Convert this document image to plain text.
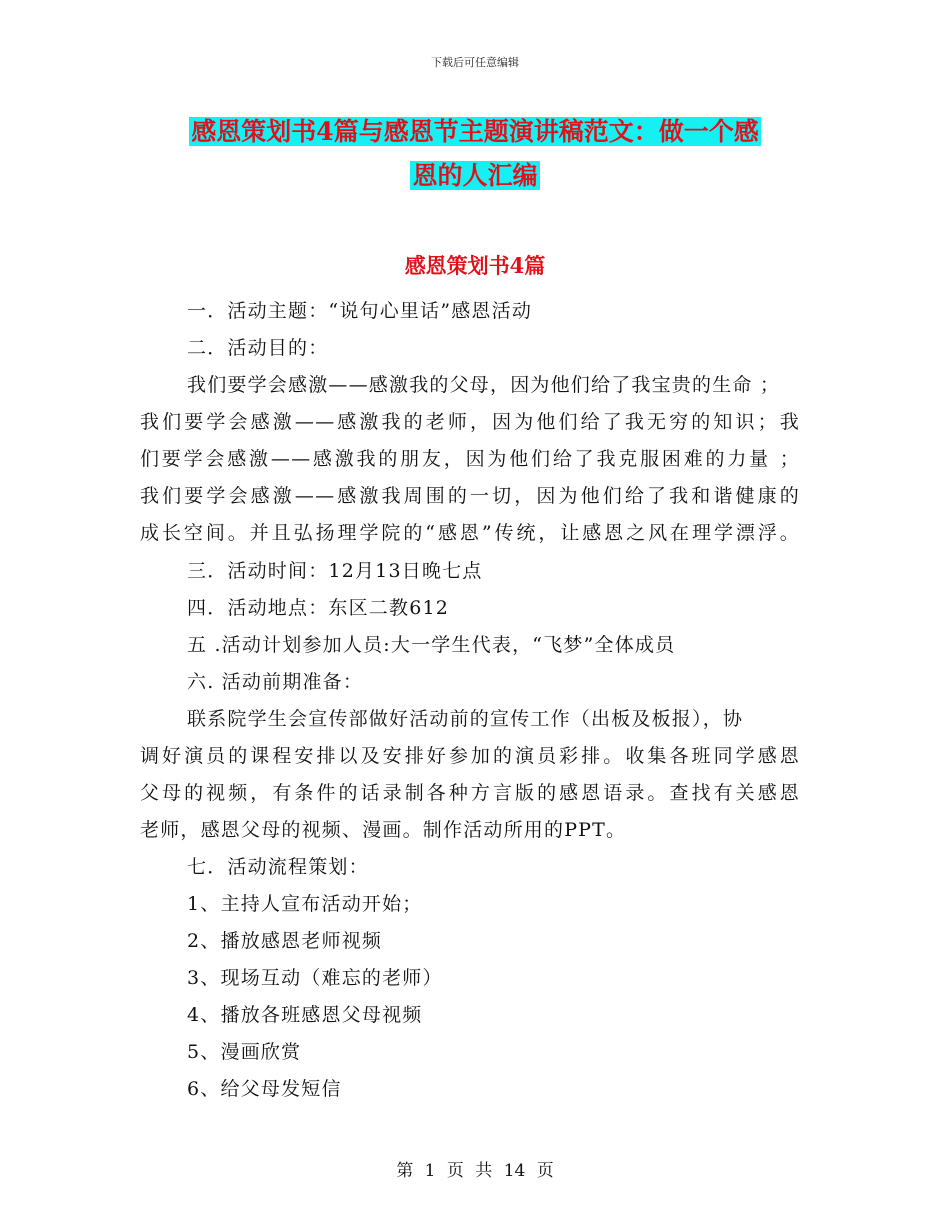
下载后可任意编辑
感恩策划书4篇与感恩节主题演讲稿范文：做一个感
恩的人汇编
感恩策划书4篇
一．活动主题：“说句心里话”感恩活动
二．活动目的：
我们要学会感激——感激我的父母，因为他们给了我宝贵的生命 ；
我们要学会感激——感激我的老师，因为他们给了我无穷的知识；我
们要学会感激——感激我的朋友，因为他们给了我克服困难的力量 ；
我们要学会感激——感激我周围的一切，因为他们给了我和谐健康的
成长空间。并且弘扬理学院的“感恩”传统，让感恩之风在理学漂浮。
三．活动时间：12月13日晚七点
四．活动地点：东区二教612
五 .活动计划参加人员:大一学生代表，“飞梦”全体成员
六. 活动前期准备：
联系院学生会宣传部做好活动前的宣传工作（出板及板报），协
调好演员的课程安排以及安排好参加的演员彩排。收集各班同学感恩
父母的视频，有条件的话录制各种方言版的感恩语录。查找有关感恩
老师，感恩父母的视频、漫画。制作活动所用的PPT。
七．活动流程策划：
1、主持人宣布活动开始；
2、播放感恩老师视频
3、现场互动（难忘的老师）
4、播放各班感恩父母视频
5、漫画欣赏
6、给父母发短信
第 1 页 共 14 页
